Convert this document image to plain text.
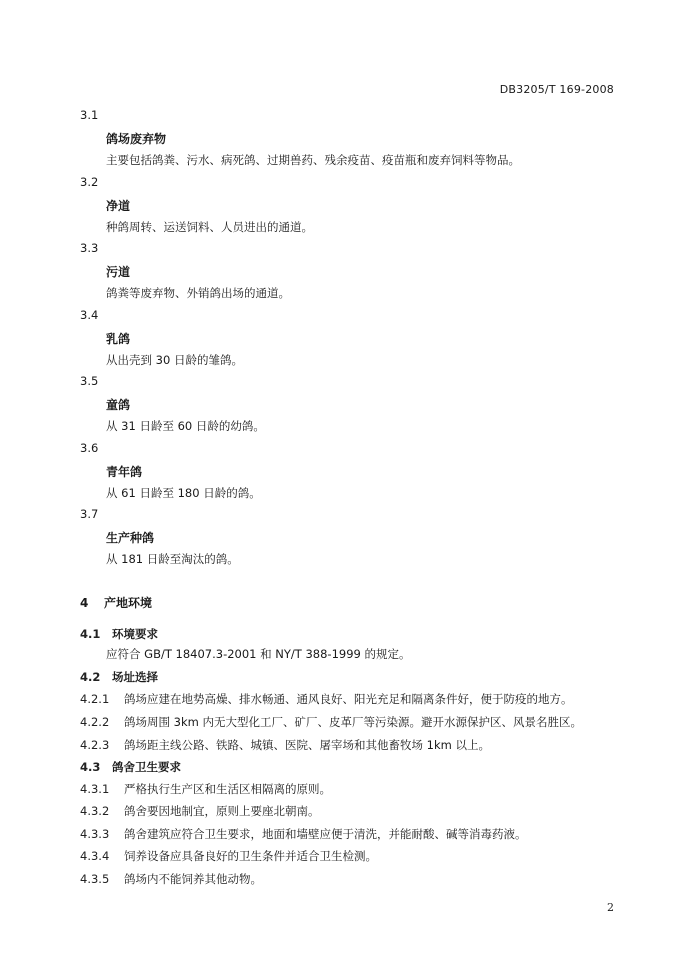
DB3205/T 169-2008
3.1
鸽场废弃物
主要包括鸽粪、污水、病死鸽、过期兽药、残余疫苗、疫苗瓶和废弃饲料等物品。
3.2
净道
种鸽周转、运送饲料、人员进出的通道。
3.3
污道
鸽粪等废弃物、外销鸽出场的通道。
3.4
乳鸽
从出壳到 30 日龄的雏鸽。
3.5
童鸽
从 31 日龄至 60 日龄的幼鸽。
3.6
青年鸽
从 61 日龄至 180 日龄的鸽。
3.7
生产种鸽
从 181 日龄至淘汰的鸽。
4 产地环境
4.1 环境要求
应符合 GB/T 18407.3-2001 和 NY/T 388-1999 的规定。
4.2 场址选择
4.2.1 鸽场应建在地势高燥、排水畅通、通风良好、阳光充足和隔离条件好，便于防疫的地方。
4.2.2 鸽场周围 3km 内无大型化工厂、矿厂、皮革厂等污染源。避开水源保护区、风景名胜区。
4.2.3 鸽场距主线公路、铁路、城镇、医院、屠宰场和其他畜牧场 1km 以上。
4.3 鸽舍卫生要求
4.3.1 严格执行生产区和生活区相隔离的原则。
4.3.2 鸽舍要因地制宜，原则上要座北朝南。
4.3.3 鸽舍建筑应符合卫生要求，地面和墙壁应便于清洗，并能耐酸、碱等消毒药液。
4.3.4 饲养设备应具备良好的卫生条件并适合卫生检测。
4.3.5 鸽场内不能饲养其他动物。
2
